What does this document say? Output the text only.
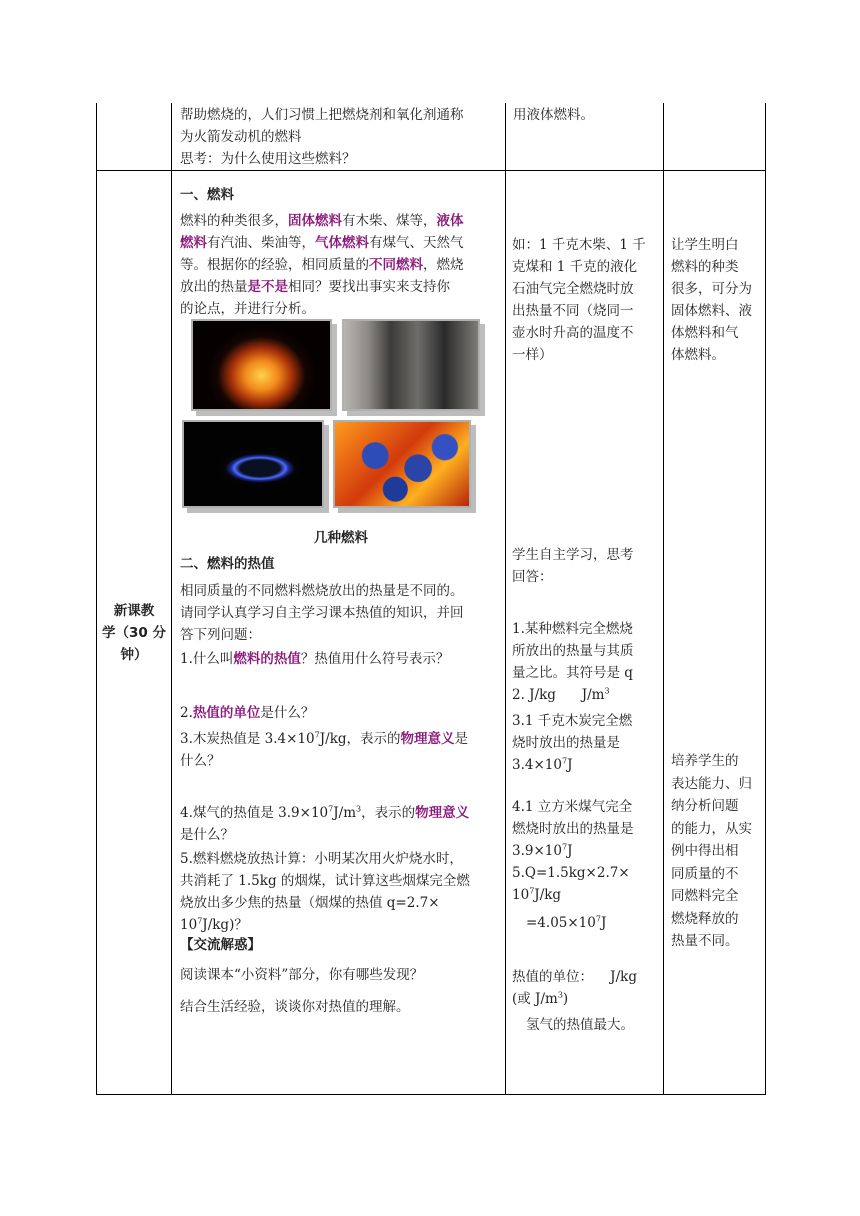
帮助燃烧的，人们习惯上把燃烧剂和氧化剂通称
为火箭发动机的燃料
思考：为什么使用这些燃料？
用液体燃料。
新课教
学（30 分
钟）
一、燃料
燃料的种类很多，固体燃料有木柴、煤等，液体
燃料有汽油、柴油等，气体燃料有煤气、天然气
等。根据你的经验，相同质量的不同燃料，燃烧
放出的热量是不是相同？要找出事实来支持你
的论点，并进行分析。
几种燃料
二、燃料的热值
相同质量的不同燃料燃烧放出的热量是不同的。
请同学认真学习自主学习课本热值的知识，并回
答下列问题：
1.什么叫燃料的热值？热值用什么符号表示？
2.热值的单位是什么？
3.木炭热值是 $3.4\times 10^7J/kg$，表示的物理意义是
什么？
4.煤气的热值是 $3.9\times 10^7J/m^3$，表示的物理意义
是什么？
5.燃料燃烧放热计算：小明某次用火炉烧水时，
共消耗了 1.5kg 的烟煤，试计算这些烟煤完全燃
烧放出多少焦的热量（烟煤的热值 q=2.7×
$10^7J/kg$)？
【交流解惑】
阅读课本“小资料”部分，你有哪些发现？
结合生活经验，谈谈你对热值的理解。
如：1 千克木柴、1 千
克煤和 1 千克的液化
石油气完全燃烧时放
出热量不同（烧同一
壶水时升高的温度不
一样）
学生自主学习，思考
回答：
1.某种燃料完全燃烧
所放出的热量与其质
量之比。其符号是 q
2. J/kg $J/m^3$
3.1 千克木炭完全燃
烧时放出的热量是
$3.4\times 10^7J$
4.1 立方米煤气完全
燃烧时放出的热量是
$3.9\times 10^7J$
5.Q=1.5kg×2.7×
$10^7J/kg$
$=4.05\times 10^7J$
热值的单位： J/kg
(或 $J/m^3$)
氢气的热值最大。
让学生明白
燃料的种类
很多，可分为
固体燃料、液
体燃料和气
体燃料。
培养学生的
表达能力、归
纳分析问题
的能力，从实
例中得出相
同质量的不
同燃料完全
燃烧释放的
热量不同。
